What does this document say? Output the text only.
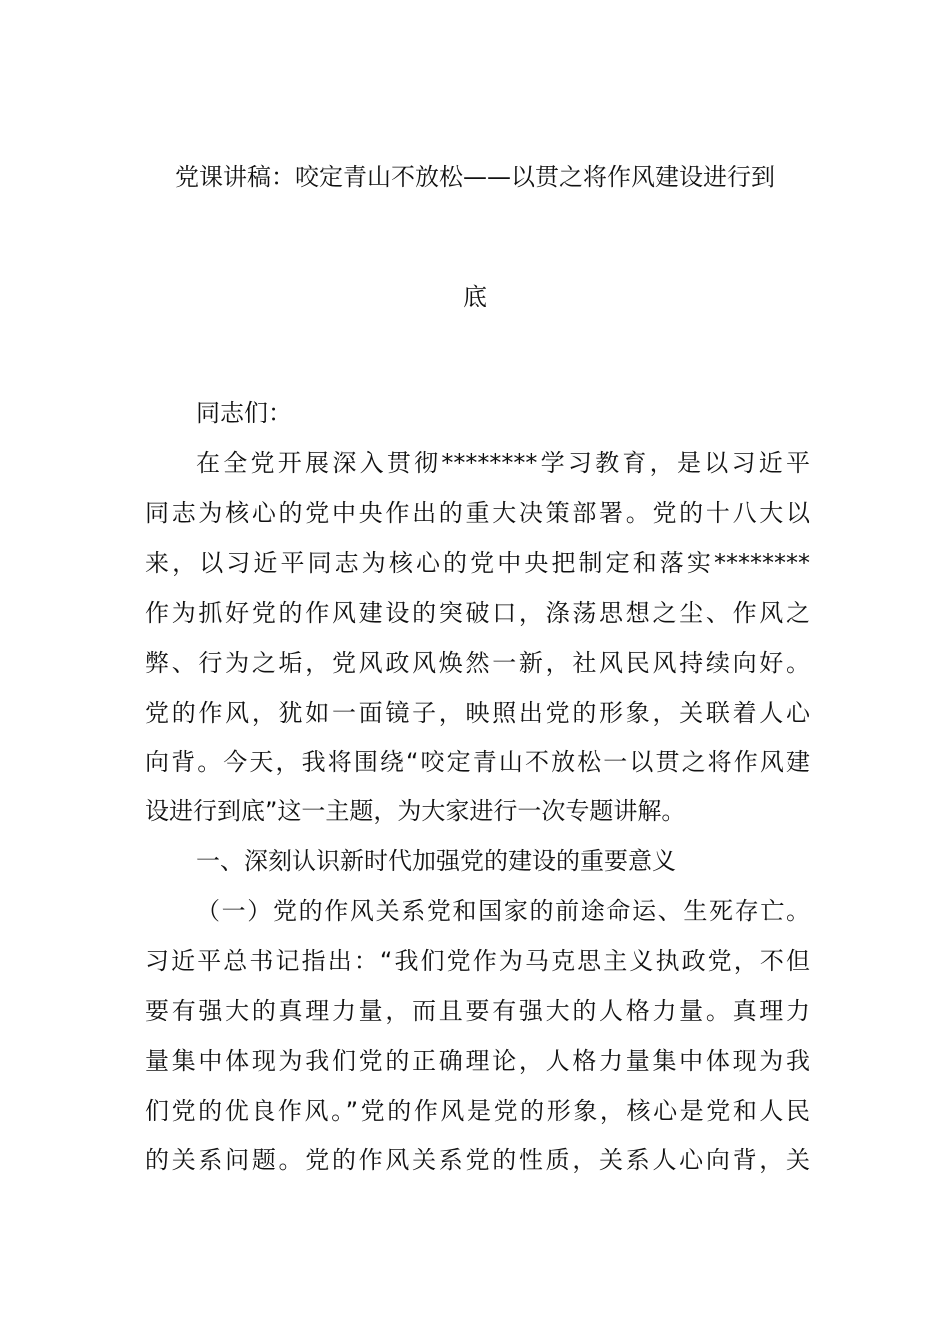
党课讲稿：咬定青山不放松——以贯之将作风建设进行到
底
同志们：
在全党开展深入贯彻********学习教育，是以习近平
同志为核心的党中央作出的重大决策部署。党的十八大以
来，以习近平同志为核心的党中央把制定和落实********
作为抓好党的作风建设的突破口，涤荡思想之尘、作风之
弊、行为之垢，党风政风焕然一新，社风民风持续向好。
党的作风，犹如一面镜子，映照出党的形象，关联着人心
向背。今天，我将围绕“咬定青山不放松一以贯之将作风建
设进行到底”这一主题，为大家进行一次专题讲解。
一、深刻认识新时代加强党的建设的重要意义
（一）党的作风关系党和国家的前途命运、生死存亡。
习近平总书记指出：“我们党作为马克思主义执政党，不但
要有强大的真理力量，而且要有强大的人格力量。真理力
量集中体现为我们党的正确理论，人格力量集中体现为我
们党的优良作风。”党的作风是党的形象，核心是党和人民
的关系问题。党的作风关系党的性质，关系人心向背，关
